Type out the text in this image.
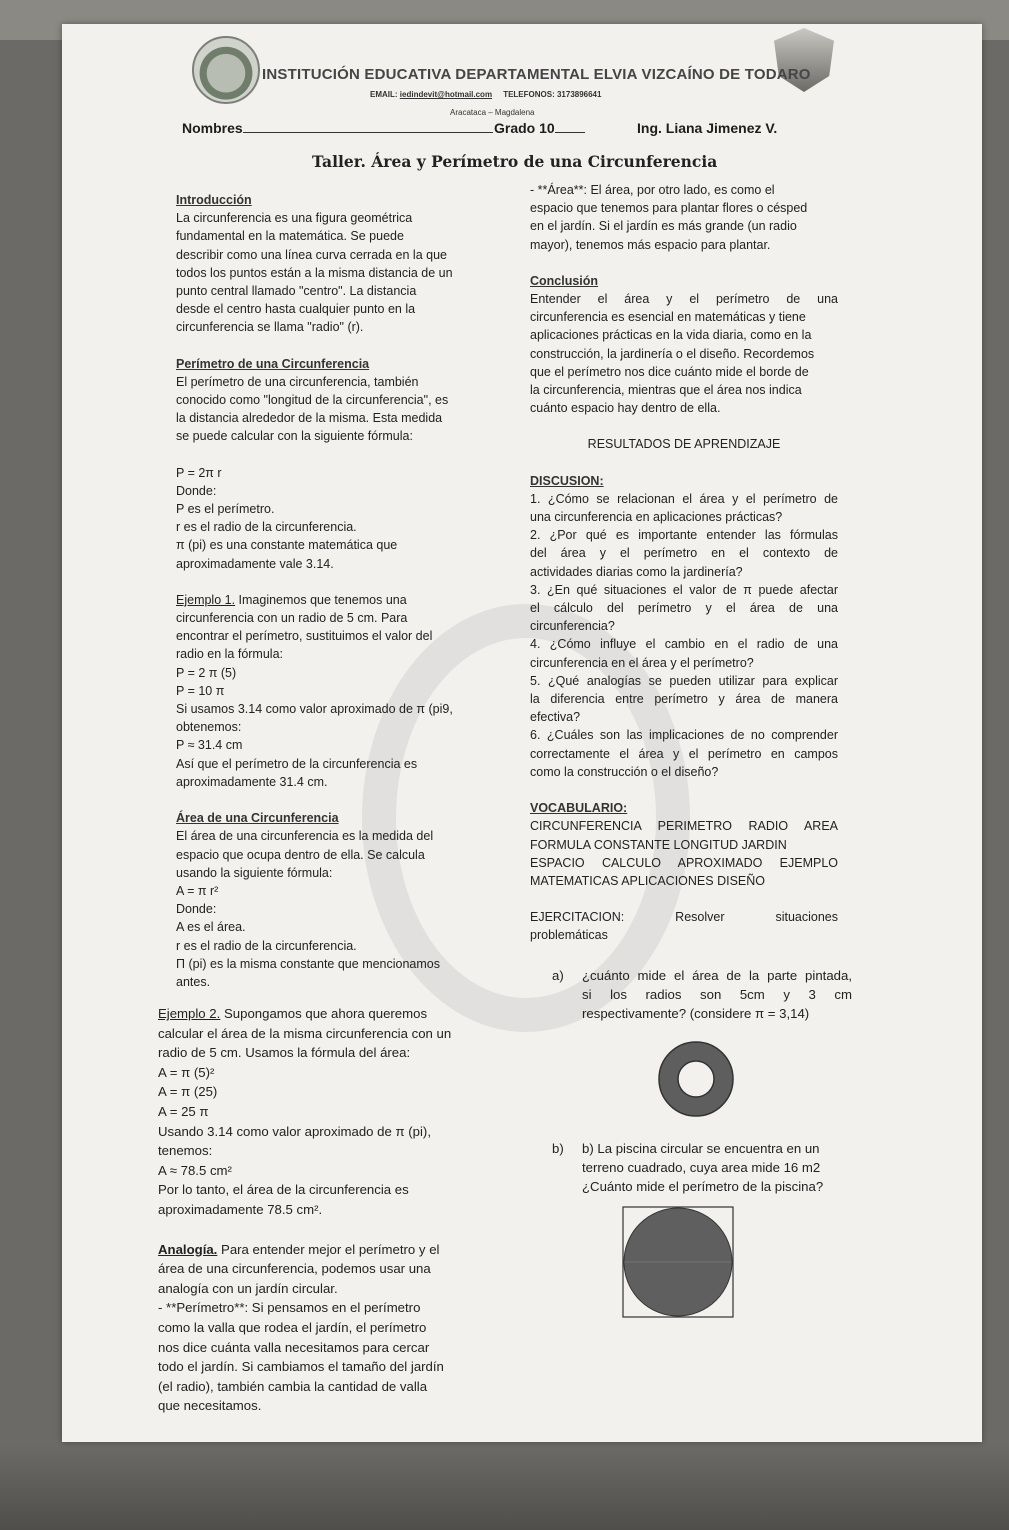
INSTITUCIÓN EDUCATIVA DEPARTAMENTAL ELVIA VIZCAÍNO DE TODARO
EMAIL: iedindevit@hotmail.com TELEFONOS: 3173896641
Aracataca – Magdalena
Nombres	Grado 10	Ing. Liana Jimenez V.
Taller. Área y Perímetro de una Circunferencia

Introducción

La circunferencia es una figura geométrica

fundamental en la matemática. Se puede

describir como una línea curva cerrada en la que

todos los puntos están a la misma distancia de un

punto central llamado "centro". La distancia

desde el centro hasta cualquier punto en la

circunferencia se llama "radio" (r).

Perímetro de una Circunferencia

El perímetro de una circunferencia, también

conocido como "longitud de la circunferencia", es

la distancia alrededor de la misma. Esta medida

se puede calcular con la siguiente fórmula:

P = 2π r

Donde:

P es el perímetro.

r es el radio de la circunferencia.

π (pi) es una constante matemática que

aproximadamente vale 3.14.

Ejemplo 1. Imaginemos que tenemos una

circunferencia con un radio de 5 cm. Para

encontrar el perímetro, sustituimos el valor del

radio en la fórmula:

P = 2 π (5)

P = 10 π

Si usamos 3.14 como valor aproximado de π (pi9,

obtenemos:

P ≈ 31.4 cm

Así que el perímetro de la circunferencia es

aproximadamente 31.4 cm.

Área de una Circunferencia

El área de una circunferencia es la medida del

espacio que ocupa dentro de ella. Se calcula

usando la siguiente fórmula:

A = π r²

Donde:

A es el área.

r es el radio de la circunferencia.

Π (pi) es la misma constante que mencionamos

antes.

Ejemplo 2. Supongamos que ahora queremos

calcular el área de la misma circunferencia con un

radio de 5 cm. Usamos la fórmula del área:

A = π (5)²

A = π (25)

A = 25 π

Usando 3.14 como valor aproximado de π (pi),

tenemos:

A ≈ 78.5 cm²

Por lo tanto, el área de la circunferencia es

aproximadamente 78.5 cm².

Analogía. Para entender mejor el perímetro y el

área de una circunferencia, podemos usar una

analogía con un jardín circular.

- **Perímetro**: Si pensamos en el perímetro

como la valla que rodea el jardín, el perímetro

nos dice cuánta valla necesitamos para cercar

todo el jardín. Si cambiamos el tamaño del jardín

(el radio), también cambia la cantidad de valla

que necesitamos.

- **Área**: El área, por otro lado, es como el

espacio que tenemos para plantar flores o césped

en el jardín. Si el jardín es más grande (un radio

mayor), tenemos más espacio para plantar.

Conclusión

Entender el área y el perímetro de una

circunferencia es esencial en matemáticas y tiene

aplicaciones prácticas en la vida diaria, como en la

construcción, la jardinería o el diseño. Recordemos

que el perímetro nos dice cuánto mide el borde de

la circunferencia, mientras que el área nos indica

cuánto espacio hay dentro de ella.

RESULTADOS DE APRENDIZAJE

DISCUSION:

1. ¿Cómo se relacionan el área y el perímetro de

una circunferencia en aplicaciones prácticas?

2. ¿Por qué es importante entender las fórmulas

del área y el perímetro en el contexto de

actividades diarias como la jardinería?

3. ¿En qué situaciones el valor de π puede afectar

el cálculo del perímetro y el área de una

circunferencia?

4. ¿Cómo influye el cambio en el radio de una

circunferencia en el área y el perímetro?

5. ¿Qué analogías se pueden utilizar para explicar

la diferencia entre perímetro y área de manera

efectiva?

6. ¿Cuáles son las implicaciones de no comprender

correctamente el área y el perímetro en campos

como la construcción o el diseño?

VOCABULARIO:

CIRCUNFERENCIA PERIMETRO RADIO AREA

FORMULA CONSTANTE LONGITUD JARDIN

ESPACIO CALCULO APROXIMADO EJEMPLO

MATEMATICAS APLICACIONES DISEÑO

EJERCITACION: Resolver situaciones

problemáticas

a) ¿cuánto mide el área de la parte pintada,

si los radios son 5cm y 3 cm

respectivamente? (considere π = 3,14)

b) b) La piscina circular se encuentra en un

terreno cuadrado, cuya area mide 16 m2

¿Cuánto mide el perímetro de la piscina?
